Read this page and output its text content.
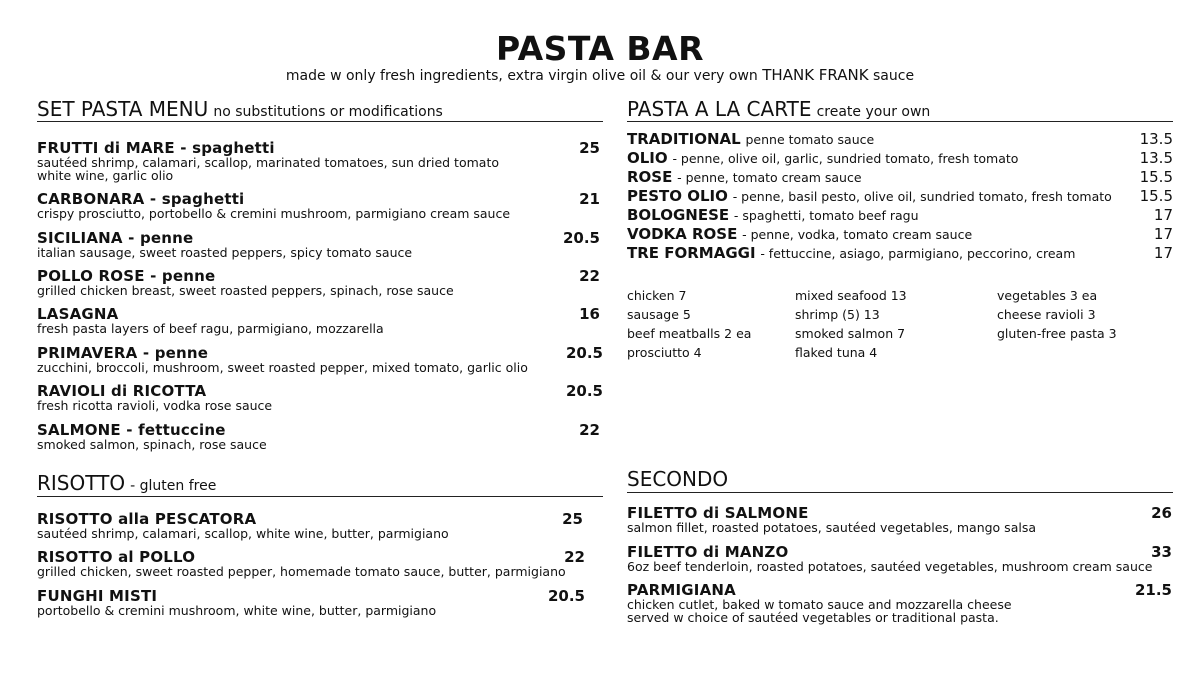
PASTA BAR
made w only fresh ingredients, extra virgin olive oil & our very own THANK FRANK sauce
SET PASTA MENU no substitutions or modifications
FRUTTI di MARE - spaghetti
sautéed shrimp, calamari, scallop, marinated tomatoes, sun dried tomato
white wine, garlic olio
25
CARBONARA - spaghetti
crispy prosciutto, portobello & cremini mushroom, parmigiano cream sauce
21
SICILIANA - penne
italian sausage, sweet roasted peppers, spicy tomato sauce
20.5
POLLO ROSE - penne
grilled chicken breast, sweet roasted peppers, spinach, rose sauce
22
LASAGNA
fresh pasta layers of beef ragu, parmigiano, mozzarella
16
PRIMAVERA - penne
zucchini, broccoli, mushroom, sweet roasted pepper, mixed tomato, garlic olio
20.5
RAVIOLI di RICOTTA
fresh ricotta ravioli, vodka rose sauce
20.5
SALMONE - fettuccine
smoked salmon, spinach, rose sauce
22
PASTA A LA CARTE create your own
TRADITIONAL penne tomato sauce	13.5
OLIO - penne, olive oil, garlic, sundried tomato, fresh tomato	13.5
ROSE - penne, tomato cream sauce	15.5
PESTO OLIO - penne, basil pesto, olive oil, sundried tomato, fresh tomato 15.5
BOLOGNESE - spaghetti, tomato beef ragu	17
VODKA ROSE - penne, vodka, tomato cream sauce	17
TRE FORMAGGI - fettuccine, asiago, parmigiano, peccorino, cream	17
chicken 7
sausage 5
beef meatballs 2 ea
prosciutto 4
mixed seafood 13
shrimp (5) 13
smoked salmon 7
flaked tuna 4
vegetables 3 ea
cheese ravioli 3
gluten-free pasta 3
RISOTTO - gluten free
RISOTTO alla PESCATORA
sautéed shrimp, calamari, scallop, white wine, butter, parmigiano
25
RISOTTO al POLLO
grilled chicken, sweet roasted pepper, homemade tomato sauce, butter, parmigiano
22
FUNGHI MISTI
portobello & cremini mushroom, white wine, butter, parmigiano
20.5
SECONDO
FILETTO di SALMONE
salmon fillet, roasted potatoes, sautéed vegetables, mango salsa
26
FILETTO di MANZO
6oz beef tenderloin, roasted potatoes, sautéed vegetables, mushroom cream sauce
33
PARMIGIANA
chicken cutlet, baked w tomato sauce and mozzarella cheese
served w choice of sautéed vegetables or traditional pasta.
21.5
